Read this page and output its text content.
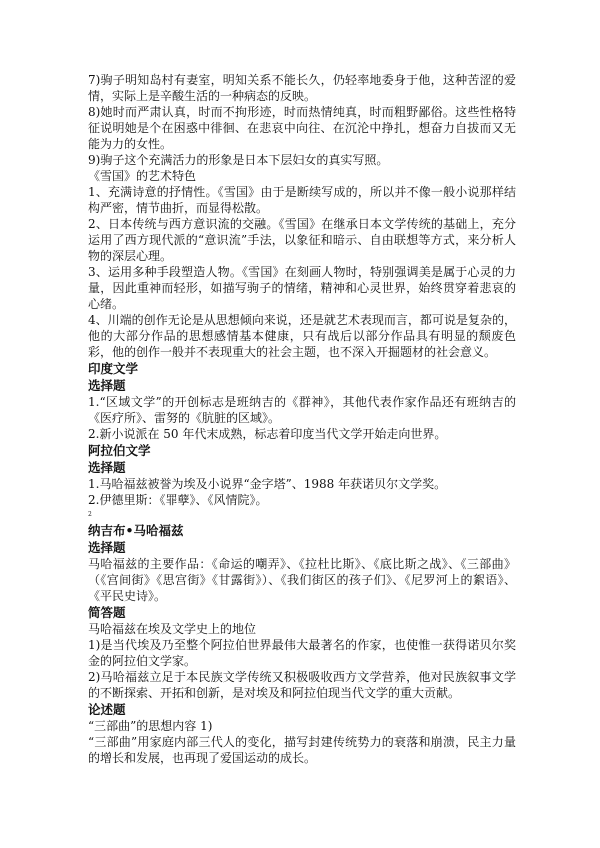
7)驹子明知岛村有妻室，明知关系不能长久，仍轻率地委身于他，这种苦涩的爱情，实际上是辛酸生活的一种病态的反映。

8)她时而严肃认真，时而不拘形迹，时而热情纯真，时而粗野鄙俗。这些性格特征说明她是个在困惑中徘徊、在悲哀中向往、在沉沦中挣扎，想奋力自拔而又无能为力的女性。

9)驹子这个充满活力的形象是日本下层妇女的真实写照。

《雪国》的艺术特色

1、充满诗意的抒情性。《雪国》由于是断续写成的，所以并不像一般小说那样结构严密，情节曲折，而显得松散。

2、日本传统与西方意识流的交融。《雪国》在继承日本文学传统的基础上，充分运用了西方现代派的“意识流”手法，以象征和暗示、自由联想等方式，来分析人物的深层心理。

3、运用多种手段塑造人物。《雪国》在刻画人物时，特别强调美是属于心灵的力量，因此重神而轻形，如描写驹子的情绪，精神和心灵世界，始终贯穿着悲哀的心绪。

4、川端的创作无论是从思想倾向来说，还是就艺术表现而言，都可说是复杂的，他的大部分作品的思想感情基本健康，只有战后以部分作品具有明显的颓废色彩，他的创作一般并不表现重大的社会主题，也不深入开掘题材的社会意义。

印度文学

选择题

1.“区域文学”的开创标志是班纳吉的《群神》，其他代表作家作品还有班纳吉的《医疗所》、雷努的《肮脏的区域》。

2.新小说派在 50 年代末成熟，标志着印度当代文学开始走向世界。

阿拉伯文学

选择题

1.马哈福兹被誉为埃及小说界“金字塔”、1988 年获诺贝尔文学奖。

2.伊德里斯：《罪孽》、《风情院》。

2

纳吉布•马哈福兹

选择题

马哈福兹的主要作品：《命运的嘲弄》、《拉杜比斯》、《底比斯之战》、《三部曲》（《宫间街》《思宫街》《甘露街》）、《我们街区的孩子们》、《尼罗河上的絮语》、《平民史诗》。

简答题

马哈福兹在埃及文学史上的地位

1)是当代埃及乃至整个阿拉伯世界最伟大最著名的作家，也使惟一获得诺贝尔奖金的阿拉伯文学家。

2)马哈福兹立足于本民族文学传统又积极吸收西方文学营养，他对民族叙事文学的不断探索、开拓和创新，是对埃及和阿拉伯现当代文学的重大贡献。

论述题

“三部曲”的思想内容 1)

“三部曲”用家庭内部三代人的变化，描写封建传统势力的衰落和崩溃，民主力量的增长和发展，也再现了爱国运动的成长。
